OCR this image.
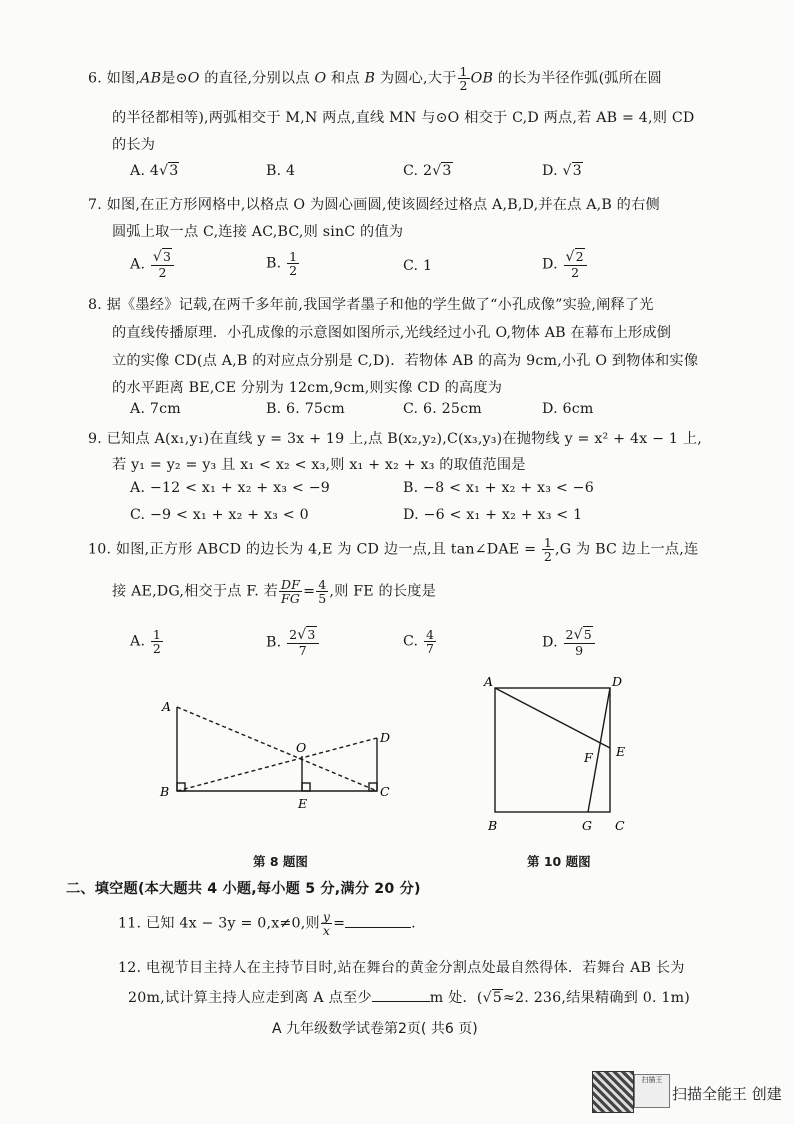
6. 如图,AB是⊙O 的直径,分别以点 O 和点 B 为圆心,大于 $\frac{1}{2}$ OB 的长为半径作弧(弧所在圆
的半径都相等),两弧相交于 M,N 两点,直线 MN 与⊙O 相交于 C,D 两点,若 AB = 4,则 CD
的长为
A. 4√3	B. 4	C. 2√3	D. √3
7. 如图,在正方形网格中,以格点 O 为圆心画圆,使该圆经过格点 A,B,D,并在点 A,B 的右侧
圆弧上取一点 C,连接 AC,BC,则 sinC 的值为
A. $\frac{√3}{2}$	B. $\frac{1}{2}$	C. 1	D. $\frac{√2}{2}$
8. 据《墨经》记载,在两千多年前,我国学者墨子和他的学生做了“小孔成像”实验,阐释了光
的直线传播原理．小孔成像的示意图如图所示,光线经过小孔 O,物体 AB 在幕布上形成倒
立的实像 CD(点 A,B 的对应点分别是 C,D)．若物体 AB 的高为 9cm,小孔 O 到物体和实像
的水平距离 BE,CE 分别为 12cm,9cm,则实像 CD 的高度为
A. 7cm	B. 6. 75cm	C. 6. 25cm	D. 6cm
9. 已知点 A(x₁,y₁)在直线 y = 3x + 19 上,点 B(x₂,y₂),C(x₃,y₃)在抛物线 y = x² + 4x − 1 上,
若 y₁ = y₂ = y₃ 且 x₁ < x₂ < x₃,则 x₁ + x₂ + x₃ 的取值范围是
A. −12 < x₁ + x₂ + x₃ < −9	B. −8 < x₁ + x₂ + x₃ < −6
C. −9 < x₁ + x₂ + x₃ < 0	D. −6 < x₁ + x₂ + x₃ < 1
10. 如图,正方形 ABCD 的边长为 4,E 为 CD 边一点,且 tan∠DAE = $\frac{1}{2} ,G$ 为 BC 边上一点,连
接 AE,DG,相交于点 F. 若 $\frac{DF}{FG} = \frac{4}{5}$ ,则 FE 的长度是
A. $\frac{1}{2}$	B. $\frac{2√3}{7}$	C. $\frac{4}{7}$	D. $\frac{2√5}{9}$
A
B
O
E
C
D
第 8 题图
A	D
F E
B	G C
第 10 题图
二、填空题(本大题共 4 小题,每小题 5 分,满分 20 分)
11. 已知 4x − 3y = 0,x≠0,则 $\frac{y}{x}$ =	.
12. 电视节目主持人在主持节目时,站在舞台的黄金分割点处最自然得体．若舞台 AB 长为
20m,试计算主持人应走到离 A 点至少	m 处．(√5≈2. 236,结果精确到 0. 1m)
A 九年级数学试卷第2页( 共6 页)
扫描王
扫描全能王 创建
